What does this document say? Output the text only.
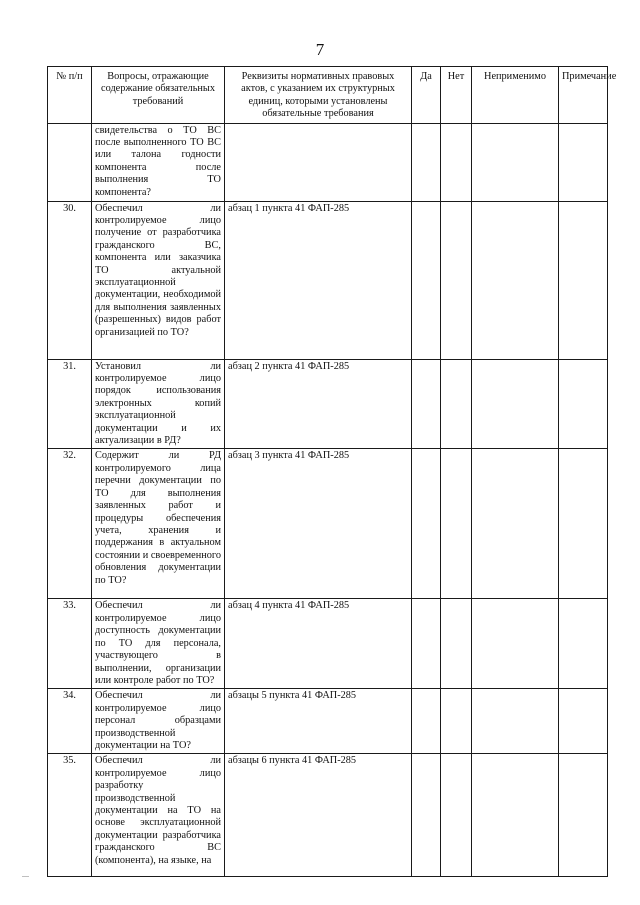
7
№ п/п	Вопросы, отражающие содержание обязательных требований	Реквизиты нормативных правовых актов, с указанием их структурных единиц, которыми установлены обязательные требования	Да	Нет	Неприменимо	Примечание
	свидетельства о ТО ВС после выполненного ТО ВС или талона годности компонента после выполнения ТО компонента?					
30.	Обеспечил ли контролируемое лицо получение от разработчика гражданского ВС, компонента или заказчика ТО актуальной эксплуатационной документации, необходимой для выполнения заявленных (разрешенных) видов работ организацией по ТО?	абзац 1 пункта 41 ФАП-285				
31.	Установил ли контролируемое лицо порядок использования электронных копий эксплуатационной документации и их актуализации в РД?	абзац 2 пункта 41 ФАП-285				
32.	Содержит ли РД контролируемого лица перечни документации по ТО для выполнения заявленных работ и процедуры обеспечения учета, хранения и поддержания в актуальном состоянии и своевременного обновления документации по ТО?	абзац 3 пункта 41 ФАП-285				
33.	Обеспечил ли контролируемое лицо доступность документации по ТО для персонала, участвующего в выполнении, организации или контроле работ по ТО?	абзац 4 пункта 41 ФАП-285				
34.	Обеспечил ли контролируемое лицо персонал образцами производственной документации на ТО?	абзацы 5 пункта 41 ФАП-285				
35.	Обеспечил ли контролируемое лицо разработку производственной документации на ТО на основе эксплуатационной документации разработчика гражданского ВС (компонента), на языке, на	абзацы 6 пункта 41 ФАП-285				
